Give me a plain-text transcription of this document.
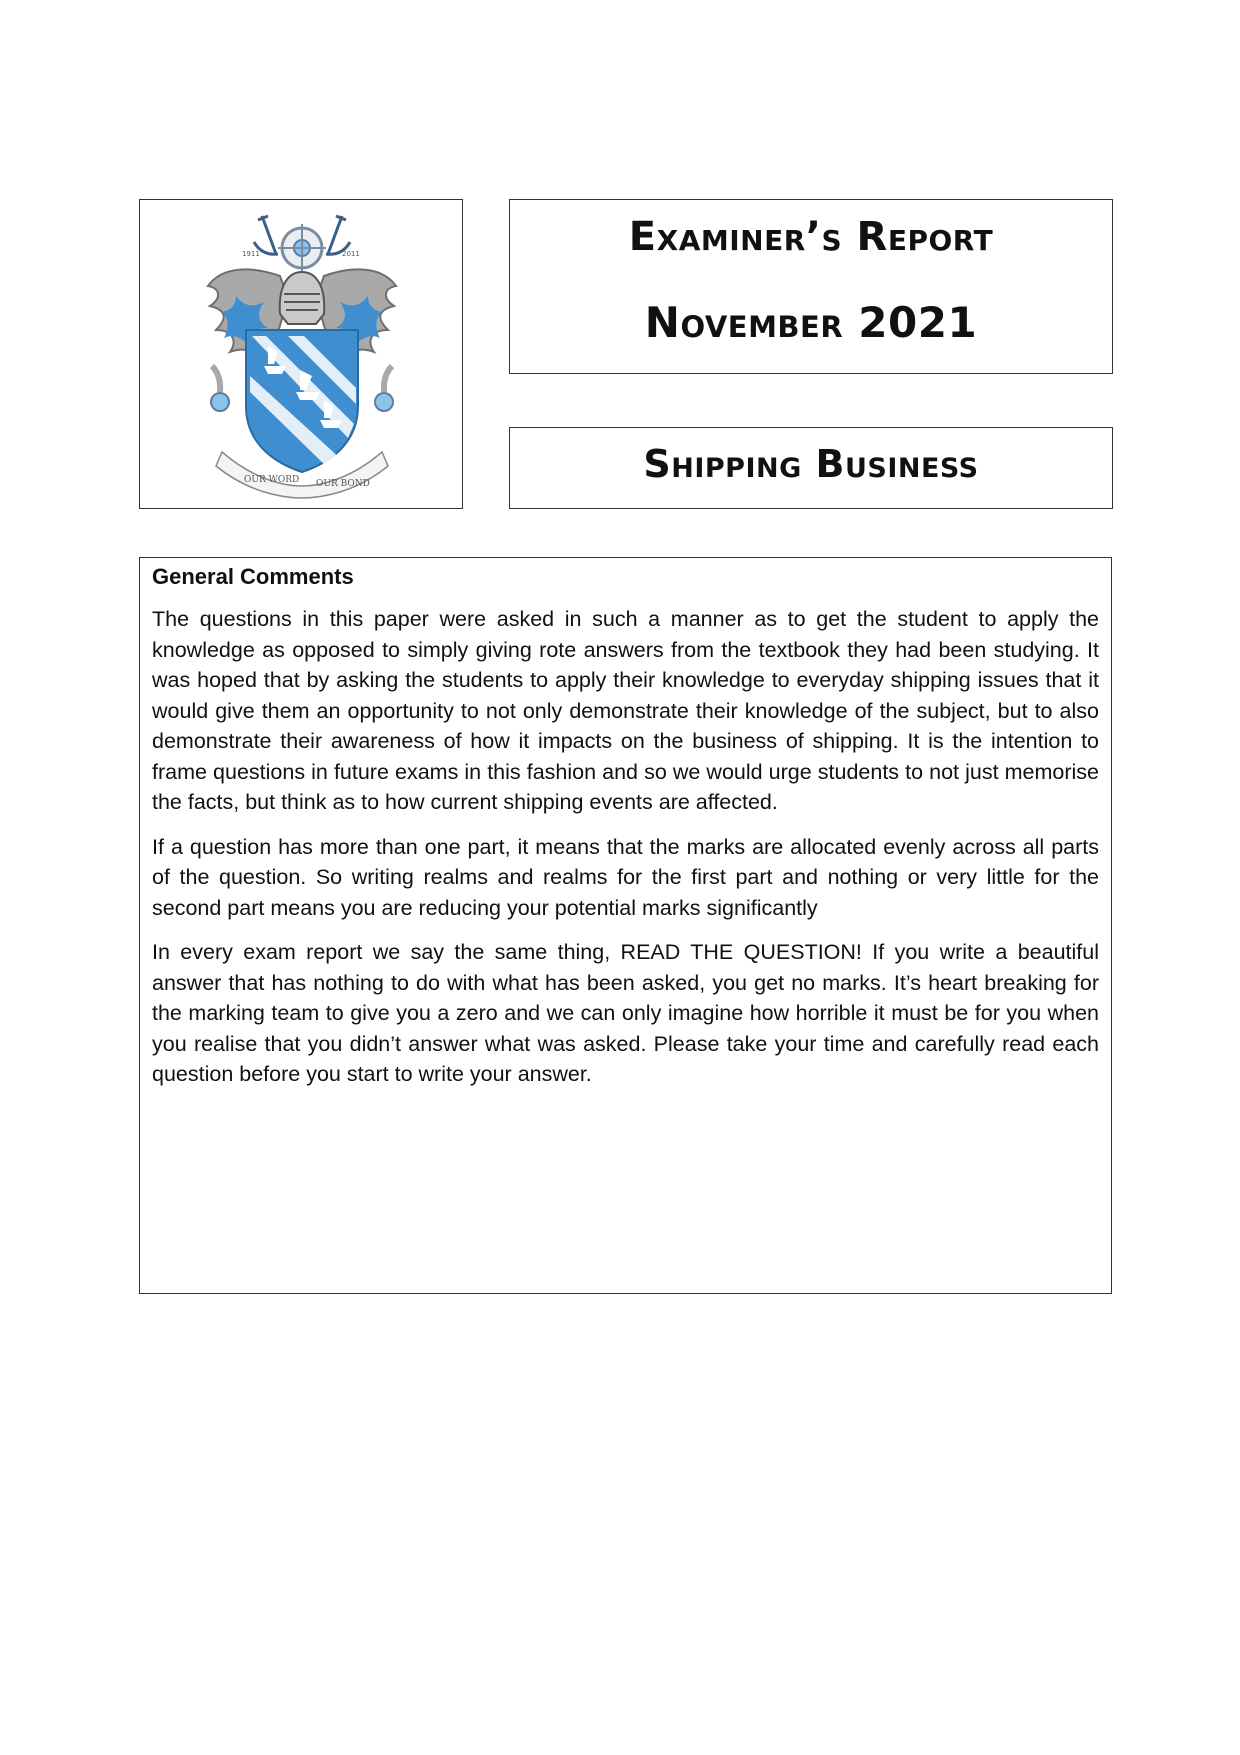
1911	2011
OUR WORD OUR BOND
Examiner’s Report
November 2021
Shipping Business
General Comments

The questions in this paper were asked in such a manner as to get the student to apply the knowledge as opposed to simply giving rote answers from the textbook they had been studying. It was hoped that by asking the students to apply their knowledge to everyday shipping issues that it would give them an opportunity to not only demonstrate their knowledge of the subject, but to also demonstrate their awareness of how it impacts on the business of shipping. It is the intention to frame questions in future exams in this fashion and so we would urge students to not just memorise the facts, but think as to how current shipping events are affected.

If a question has more than one part, it means that the marks are allocated evenly across all parts of the question. So writing realms and realms for the first part and nothing or very little for the second part means you are reducing your potential marks significantly

In every exam report we say the same thing, READ THE QUESTION! If you write a beautiful answer that has nothing to do with what has been asked, you get no marks. It’s heart breaking for the marking team to give you a zero and we can only imagine how horrible it must be for you when you realise that you didn’t answer what was asked. Please take your time and carefully read each question before you start to write your answer.
